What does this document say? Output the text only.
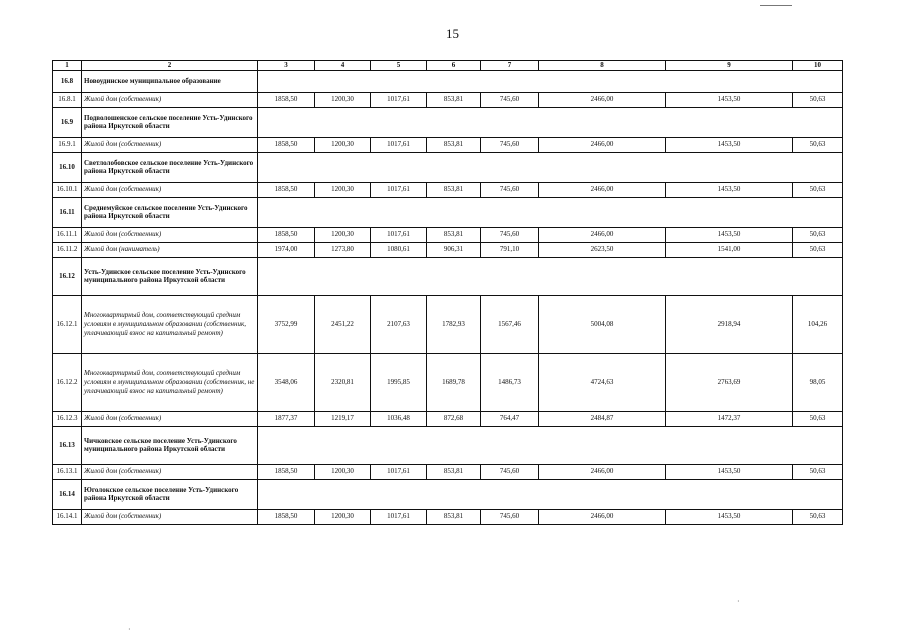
15
1	2	3	4	5	6	7	8	9	10
16.8	Новоудинское муниципальное образование								
16.8.1	Жилой дом (собственник)	1858,50	1200,30	1017,61	853,81	745,60	2466,00	1453,50	50,63
16.9	Подволошенское сельское поселение Усть-Удинского района Иркутской области								
16.9.1	Жилой дом (собственник)	1858,50	1200,30	1017,61	853,81	745,60	2466,00	1453,50	50,63
16.10	Светлолобовское сельское поселение Усть-Удинского района Иркутской области								
16.10.1	Жилой дом (собственник)	1858,50	1200,30	1017,61	853,81	745,60	2466,00	1453,50	50,63
16.11	Среднемуйское сельское поселение Усть-Удинского района Иркутской области								
16.11.1	Жилой дом (собственник)	1858,50	1200,30	1017,61	853,81	745,60	2466,00	1453,50	50,63
16.11.2	Жилой дом (наниматель)	1974,00	1273,80	1080,61	906,31	791,10	2623,50	1541,00	50,63
16.12	Усть-Удинское сельское поселение Усть-Удинского муниципального района Иркутской области								
16.12.1	Многоквартирный дом, соответствующий средним условиям в муниципальном образовании (собственник, уплачивающий взнос на капитальный ремонт)	3752,99	2451,22	2107,63	1782,93	1567,46	5004,08	2918,94	104,26
16.12.2	Многоквартирный дом, соответствующий средним условиям в муниципальном образовании (собственник, не уплачивающий взнос на капитальный ремонт)	3548,06	2320,81	1995,85	1689,78	1486,73	4724,63	2763,69	98,05
16.12.3	Жилой дом (собственник)	1877,37	1219,17	1036,48	872,68	764,47	2484,87	1472,37	50,63
16.13	Чичковское сельское поселение Усть-Удинского муниципального района Иркутской области								
16.13.1	Жилой дом (собственник)	1858,50	1200,30	1017,61	853,81	745,60	2466,00	1453,50	50,63
16.14	Юголокское сельское поселение Усть-Удинского района Иркутской области								
16.14.1	Жилой дом (собственник)	1858,50	1200,30	1017,61	853,81	745,60	2466,00	1453,50	50,63
·
·
